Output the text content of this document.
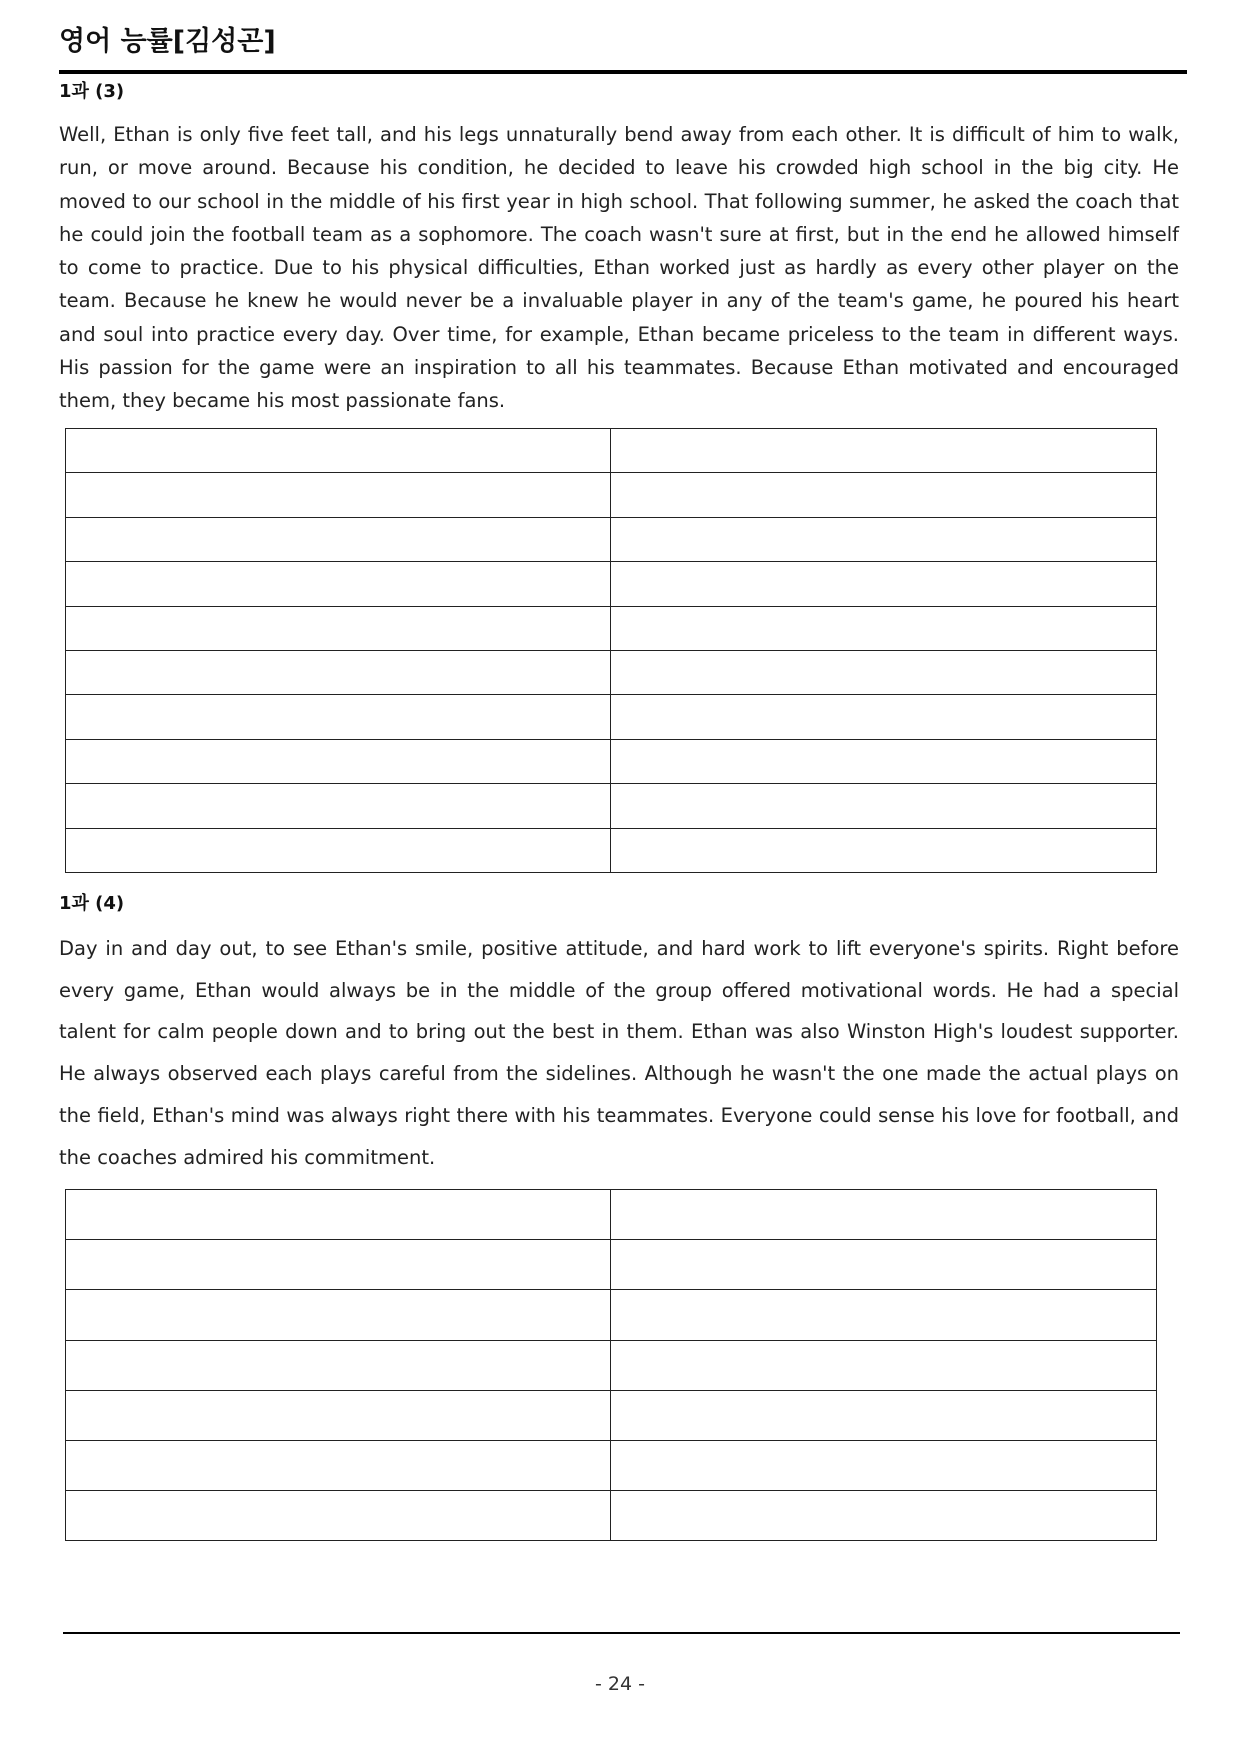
영어 능률[김성곤]
1과 (3)

Well, Ethan is only five feet tall, and his legs unnaturally bend away from each other. It is difficult of him to walk, run, or move around. Because his condition, he decided to leave his crowded high school in the big city. He moved to our school in the middle of his first year in high school. That following summer, he asked the coach that he could join the football team as a sophomore. The coach wasn't sure at first, but in the end he allowed himself to come to practice. Due to his physical difficulties, Ethan worked just as hardly as every other player on the team. Because he knew he would never be a invaluable player in any of the team's game, he poured his heart and soul into practice every day. Over time, for example, Ethan became priceless to the team in different ways. His passion for the game were an inspiration to all his teammates. Because Ethan motivated and encouraged them, they became his most passionate fans.

1과 (4)

Day in and day out, to see Ethan's smile, positive attitude, and hard work to lift everyone's spirits. Right before every game, Ethan would always be in the middle of the group offered motivational words. He had a special talent for calm people down and to bring out the best in them. Ethan was also Winston High's loudest supporter. He always observed each plays careful from the sidelines. Although he wasn't the one made the actual plays on the field, Ethan's mind was always right there with his teammates. Everyone could sense his love for football, and the coaches admired his commitment.

- 24 -
